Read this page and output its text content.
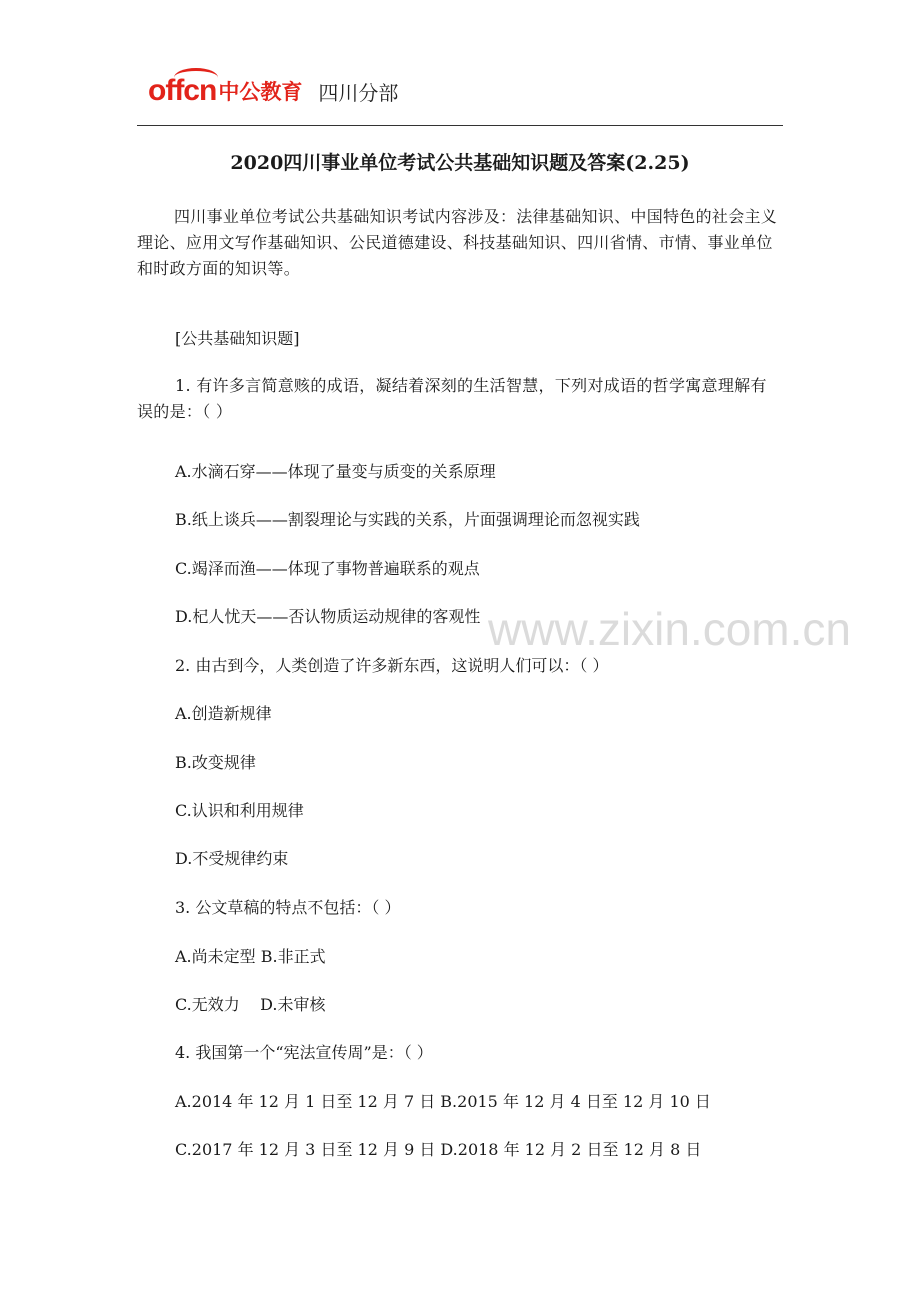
offcn 中公教育 四川分部
2020四川事业单位考试公共基础知识题及答案(2.25)
四川事业单位考试公共基础知识考试内容涉及：法律基础知识、中国特色的社会主义理论、应用文写作基础知识、公民道德建设、科技基础知识、四川省情、市情、事业单位和时政方面的知识等。
[公共基础知识题]
1. 有许多言简意赅的成语，凝结着深刻的生活智慧，下列对成语的哲学寓意理解有误的是：（ ）
A.水滴石穿——体现了量变与质变的关系原理
B.纸上谈兵——割裂理论与实践的关系，片面强调理论而忽视实践
C.竭泽而渔——体现了事物普遍联系的观点
D.杞人忧天——否认物质运动规律的客观性
2. 由古到今，人类创造了许多新东西，这说明人们可以：（ ）
A.创造新规律
B.改变规律
C.认识和利用规律
D.不受规律约束
3. 公文草稿的特点不包括：（ ）
A.尚未定型 B.非正式
C.无效力    D.未审核
4. 我国第一个“宪法宣传周”是：（ ）
A.2014 年 12 月 1 日至 12 月 7 日 B.2015 年 12 月 4 日至 12 月 10 日
C.2017 年 12 月 3 日至 12 月 9 日 D.2018 年 12 月 2 日至 12 月 8 日
www.zixin.com.cn
